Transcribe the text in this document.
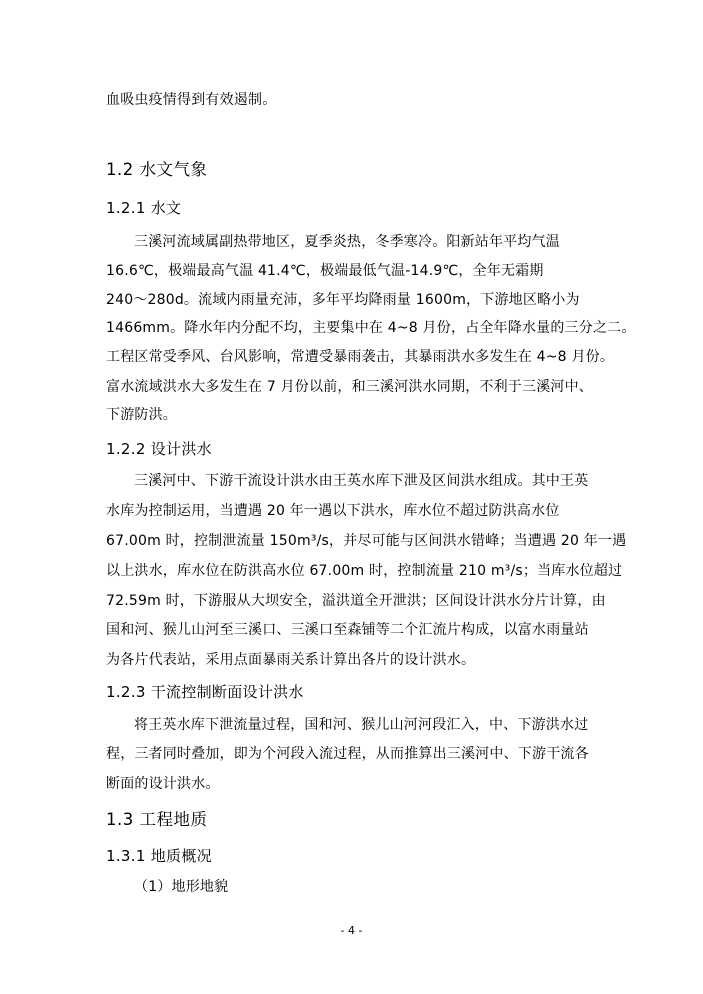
血吸虫疫情得到有效遏制。
1.2 水文气象
1.2.1 水文
三溪河流域属副热带地区，夏季炎热，冬季寒冷。阳新站年平均气温
16.6℃，极端最高气温 41.4℃，极端最低气温-14.9℃，全年无霜期
240～280d。流域内雨量充沛，多年平均降雨量 1600m，下游地区略小为
1466mm。降水年内分配不均，主要集中在 4~8 月份，占全年降水量的三分之二。
工程区常受季风、台风影响，常遭受暴雨袭击，其暴雨洪水多发生在 4~8 月份。
富水流域洪水大多发生在 7 月份以前，和三溪河洪水同期，不利于三溪河中、
下游防洪。
1.2.2 设计洪水
三溪河中、下游干流设计洪水由王英水库下泄及区间洪水组成。其中王英
水库为控制运用，当遭遇 20 年一遇以下洪水，库水位不超过防洪高水位
67.00m 时，控制泄流量 150m³/s，并尽可能与区间洪水错峰；当遭遇 20 年一遇
以上洪水，库水位在防洪高水位 67.00m 时，控制流量 210 m³/s；当库水位超过
72.59m 时，下游服从大坝安全，溢洪道全开泄洪；区间设计洪水分片计算，由
国和河、猴儿山河至三溪口、三溪口至森铺等二个汇流片构成，以富水雨量站
为各片代表站，采用点面暴雨关系计算出各片的设计洪水。
1.2.3 干流控制断面设计洪水
将王英水库下泄流量过程，国和河、猴儿山河河段汇入，中、下游洪水过
程，三者同时叠加，即为个河段入流过程，从而推算出三溪河中、下游干流各
断面的设计洪水。
1.3 工程地质
1.3.1 地质概况
（1）地形地貌
- 4 -
